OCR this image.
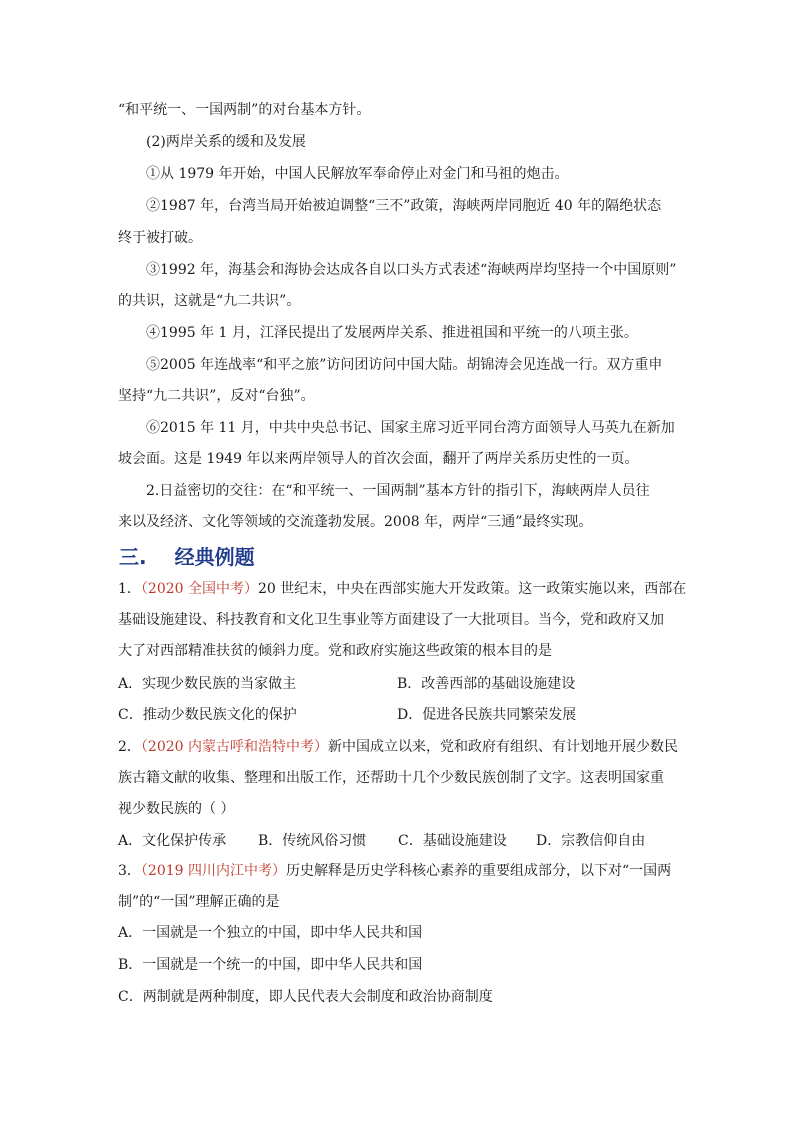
“和平统一、一国两制”的对台基本方针。
(2)两岸关系的缓和及发展
①从 1979 年开始，中国人民解放军奉命停止对金门和马祖的炮击。
②1987 年，台湾当局开始被迫调整“三不”政策，海峡两岸同胞近 40 年的隔绝状态
终于被打破。
③1992 年，海基会和海协会达成各自以口头方式表述“海峡两岸均坚持一个中国原则”
的共识，这就是“九二共识”。
④1995 年 1 月，江泽民提出了发展两岸关系、推进祖国和平统一的八项主张。
⑤2005 年连战率“和平之旅”访问团访问中国大陆。胡锦涛会见连战一行。双方重申
坚持“九二共识”，反对“台独”。
⑥2015 年 11 月，中共中央总书记、国家主席习近平同台湾方面领导人马英九在新加
坡会面。这是 1949 年以来两岸领导人的首次会面，翻开了两岸关系历史性的一页。
2.日益密切的交往：在“和平统一、一国两制”基本方针的指引下，海峡两岸人员往
来以及经济、文化等领域的交流蓬勃发展。2008 年，两岸“三通”最终实现。
三. 经典例题
1．（2020 全国中考）20 世纪末，中央在西部实施大开发政策。这一政策实施以来，西部在
基础设施建设、科技教育和文化卫生事业等方面建设了一大批项目。当今，党和政府又加
大了对西部精准扶贫的倾斜力度。党和政府实施这些政策的根本目的是
A．实现少数民族的当家做主	B．改善西部的基础设施建设
C．推动少数民族文化的保护	D．促进各民族共同繁荣发展
2．（2020 内蒙古呼和浩特中考）新中国成立以来，党和政府有组织、有计划地开展少数民
族古籍文献的收集、整理和出版工作，还帮助十几个少数民族创制了文字。这表明国家重
视少数民族的（ ）
A．文化保护传承 B．传统风俗习惯 C．基础设施建设 D．宗教信仰自由
3．（2019 四川内江中考）历史解释是历史学科核心素养的重要组成部分，以下对“一国两
制”的“一国”理解正确的是
A．一国就是一个独立的中国，即中华人民共和国
B．一国就是一个统一的中国，即中华人民共和国
C．两制就是两种制度，即人民代表大会制度和政治协商制度
